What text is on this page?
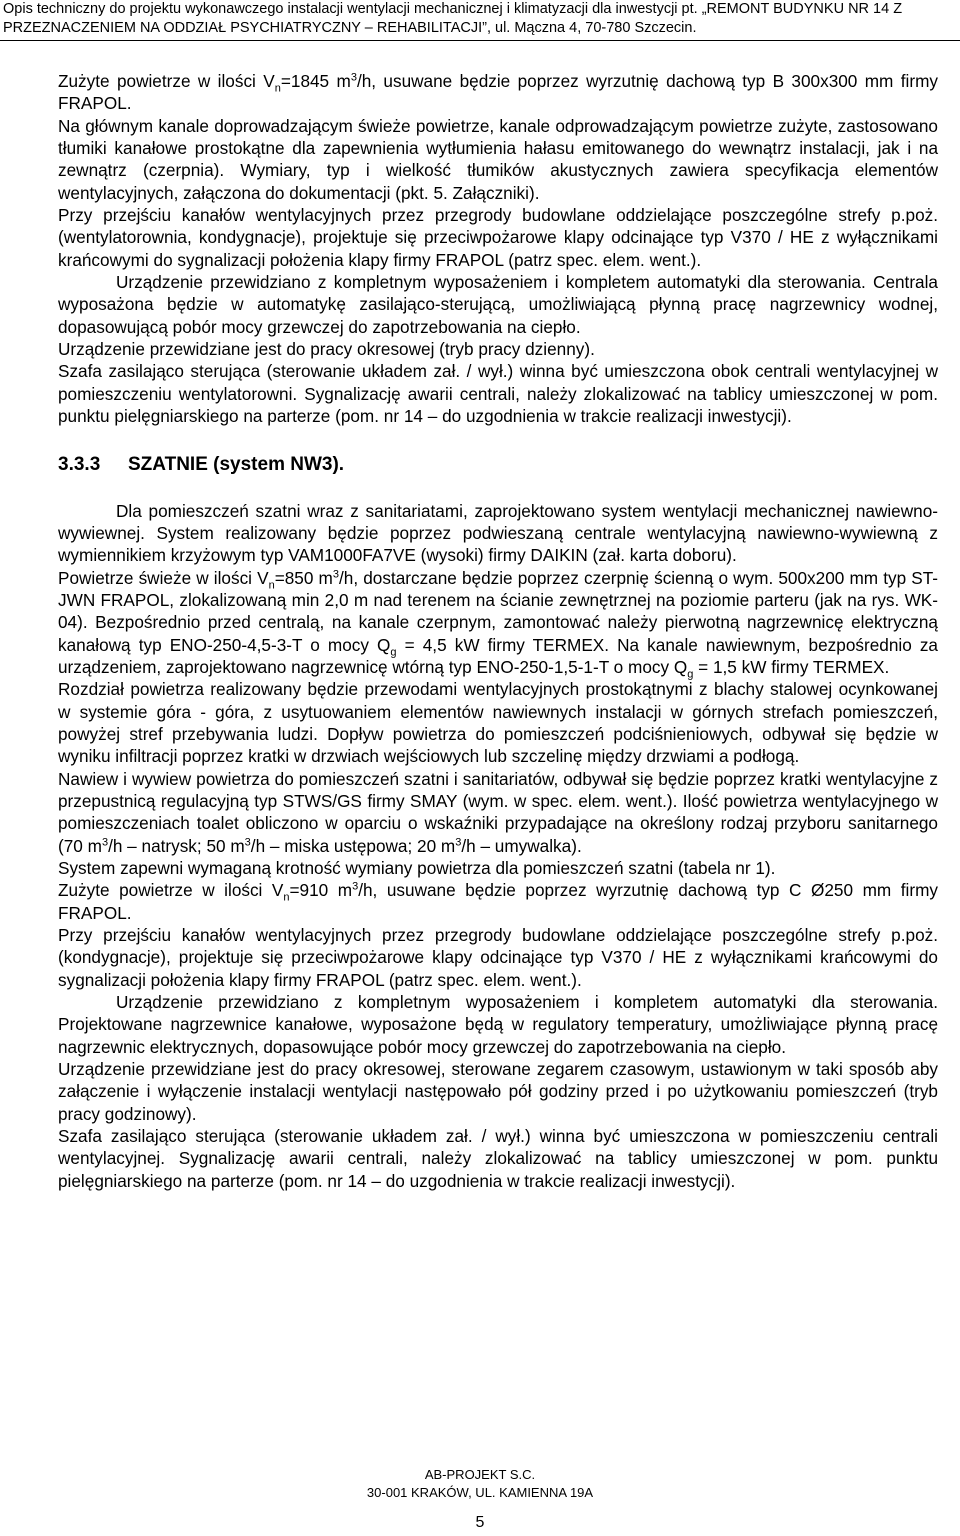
Opis techniczny do projektu wykonawczego instalacji wentylacji mechanicznej i klimatyzacji dla inwestycji pt. „REMONT BUDYNKU NR 14 Z
PRZEZNACZENIEM NA ODDZIAŁ PSYCHIATRYCZNY – REHABILITACJI”, ul. Mączna 4, 70-780 Szczecin.

Zużyte powietrze w ilości $V_n=1845$ $m^3/h$, usuwane będzie poprzez wyrzutnię dachową typ B 300x300 mm firmy FRAPOL.

Na głównym kanale doprowadzającym świeże powietrze, kanale odprowadzającym powietrze zużyte, zastosowano tłumiki kanałowe prostokątne dla zapewnienia wytłumienia hałasu emitowanego do wewnątrz instalacji, jak i na zewnątrz (czerpnia). Wymiary, typ i wielkość tłumików akustycznych zawiera specyfikacja elementów wentylacyjnych, załączona do dokumentacji (pkt. 5. Załączniki).

Przy przejściu kanałów wentylacyjnych przez przegrody budowlane oddzielające poszczególne strefy p.poż. (wentylatorownia, kondygnacje), projektuje się przeciwpożarowe klapy odcinające typ V370 / HE z wyłącznikami krańcowymi do sygnalizacji położenia klapy firmy FRAPOL (patrz spec. elem. went.).

Urządzenie przewidziano z kompletnym wyposażeniem i kompletem automatyki dla sterowania. Centrala wyposażona będzie w automatykę zasilająco-sterującą, umożliwiającą płynną pracę nagrzewnicy wodnej, dopasowującą pobór mocy grzewczej do zapotrzebowania na ciepło.

Urządzenie przewidziane jest do pracy okresowej (tryb pracy dzienny).

Szafa zasilająco sterująca (sterowanie układem zał. / wył.) winna być umieszczona obok centrali wentylacyjnej w pomieszczeniu wentylatorowni. Sygnalizację awarii centrali, należy zlokalizować na tablicy umieszczonej w pom. punktu pielęgniarskiego na parterze (pom. nr 14 – do uzgodnienia w trakcie realizacji inwestycji).

3.3.3 SZATNIE (system NW3).

Dla pomieszczeń szatni wraz z sanitariatami, zaprojektowano system wentylacji mechanicznej nawiewno-wywiewnej. System realizowany będzie poprzez podwieszaną centrale wentylacyjną nawiewno-wywiewną z wymiennikiem krzyżowym typ VAM1000FA7VE (wysoki) firmy DAIKIN (zał. karta doboru).

Powietrze świeże w ilości $V_n=850$ $m^3/h$, dostarczane będzie poprzez czerpnię ścienną o wym. 500x200 mm typ ST-JWN FRAPOL, zlokalizowaną min 2,0 m nad terenem na ścianie zewnętrznej na poziomie parteru (jak na rys. WK-04). Bezpośrednio przed centralą, na kanale czerpnym, zamontować należy pierwotną nagrzewnicę elektryczną kanałową typ ENO-250-4,5-3-T o mocy $Q_g = 4,5$ kW firmy TERMEX. Na kanale nawiewnym, bezpośrednio za urządzeniem, zaprojektowano nagrzewnicę wtórną typ ENO-250-1,5-1-T o mocy $Q_g = 1,5$ kW firmy TERMEX.

Rozdział powietrza realizowany będzie przewodami wentylacyjnych prostokątnymi z blachy stalowej ocynkowanej w systemie góra - góra, z usytuowaniem elementów nawiewnych instalacji w górnych strefach pomieszczeń, powyżej stref przebywania ludzi. Dopływ powietrza do pomieszczeń podciśnieniowych, odbywał się będzie w wyniku infiltracji poprzez kratki w drzwiach wejściowych lub szczelinę między drzwiami a podłogą.

Nawiew i wywiew powietrza do pomieszczeń szatni i sanitariatów, odbywał się będzie poprzez kratki wentylacyjne z przepustnicą regulacyjną typ STWS/GS firmy SMAY (wym. w spec. elem. went.). Ilość powietrza wentylacyjnego w pomieszczeniach toalet obliczono w oparciu o wskaźniki przypadające na określony rodzaj przyboru sanitarnego (70 $m^3/h$ – natrysk; 50 $m^3/h$ – miska ustępowa; 20 $m^3/h$ – umywalka).

System zapewni wymaganą krotność wymiany powietrza dla pomieszczeń szatni (tabela nr 1).

Zużyte powietrze w ilości $V_n=910$ $m^3/h$, usuwane będzie poprzez wyrzutnię dachową typ C Ø250 mm firmy FRAPOL.

Przy przejściu kanałów wentylacyjnych przez przegrody budowlane oddzielające poszczególne strefy p.poż. (kondygnacje), projektuje się przeciwpożarowe klapy odcinające typ V370 / HE z wyłącznikami krańcowymi do sygnalizacji położenia klapy firmy FRAPOL (patrz spec. elem. went.).

Urządzenie przewidziano z kompletnym wyposażeniem i kompletem automatyki dla sterowania. Projektowane nagrzewnice kanałowe, wyposażone będą w regulatory temperatury, umożliwiające płynną pracę nagrzewnic elektrycznych, dopasowujące pobór mocy grzewczej do zapotrzebowania na ciepło.

Urządzenie przewidziane jest do pracy okresowej, sterowane zegarem czasowym, ustawionym w taki sposób aby załączenie i wyłączenie instalacji wentylacji następowało pół godziny przed i po użytkowaniu pomieszczeń (tryb pracy godzinowy).

Szafa zasilająco sterująca (sterowanie układem zał. / wył.) winna być umieszczona w pomieszczeniu centrali wentylacyjnej. Sygnalizację awarii centrali, należy zlokalizować na tablicy umieszczonej w pom. punktu pielęgniarskiego na parterze (pom. nr 14 – do uzgodnienia w trakcie realizacji inwestycji).

AB-PROJEKT S.C.
30-001 KRAKÓW, UL. KAMIENNA 19A
5
